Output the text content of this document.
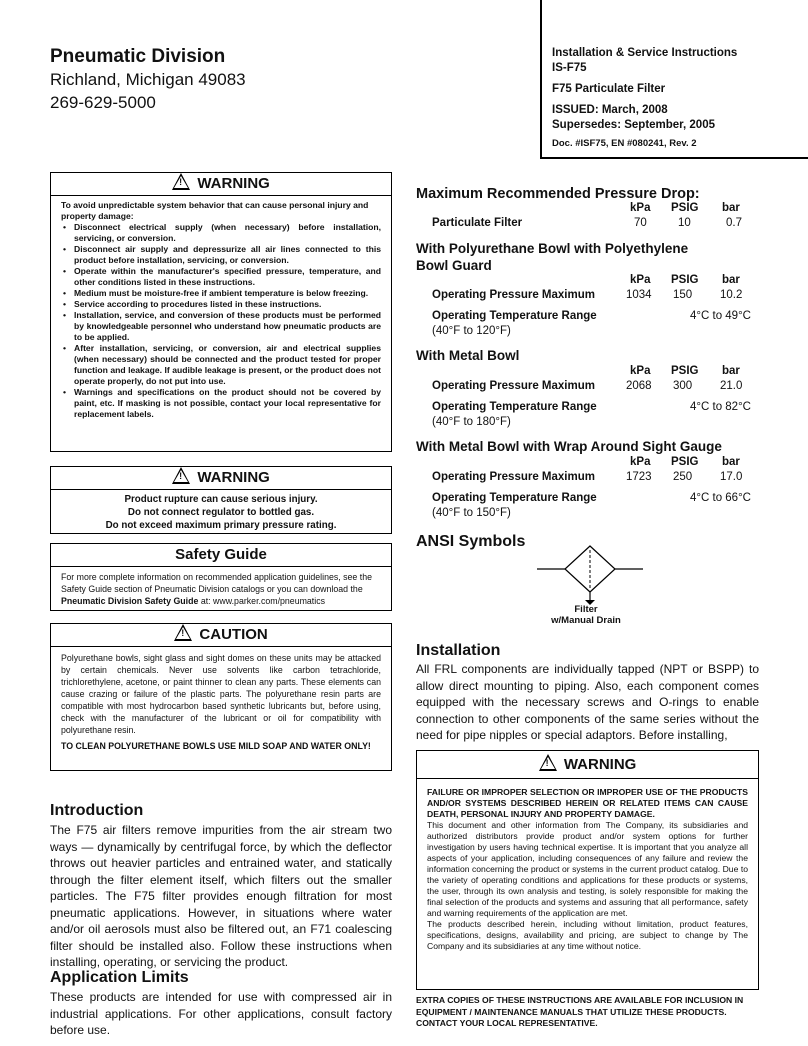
Pneumatic Division
Richland, Michigan 49083
269-629-5000
Installation & Service Instructions
IS-F75
F75 Particulate Filter
ISSUED: March, 2008
Supersedes: September, 2005
Doc. #ISF75, EN #080241, Rev. 2
! WARNING
To avoid unpredictable system behavior that can cause personal injury and property damage:
• Disconnect electrical supply (when necessary) before installation, servicing, or conversion.
• Disconnect air supply and depressurize all air lines connected to this product before installation, servicing, or conversion.
• Operate within the manufacturer's specified pressure, temperature, and other conditions listed in these instructions.
• Medium must be moisture-free if ambient temperature is below freezing.
• Service according to procedures listed in these instructions.
• Installation, service, and conversion of these products must be performed by knowledgeable personnel who understand how pneumatic products are to be applied.
• After installation, servicing, or conversion, air and electrical supplies (when necessary) should be connected and the product tested for proper function and leakage. If audible leakage is present, or the product does not operate properly, do not put into use.
• Warnings and specifications on the product should not be covered by paint, etc. If masking is not possible, contact your local representative for replacement labels.
! WARNING
Product rupture can cause serious injury.
Do not connect regulator to bottled gas.
Do not exceed maximum primary pressure rating.
Safety Guide
For more complete information on recommended application guidelines, see the Safety Guide section of Pneumatic Division catalogs or you can download the Pneumatic Division Safety Guide at: www.parker.com/pneumatics
! CAUTION
Polyurethane bowls, sight glass and sight domes on these units may be attacked by certain chemicals. Never use solvents like carbon tetrachloride, trichlorethylene, acetone, or paint thinner to clean any parts. These elements can cause crazing or failure of the plastic parts. The polyurethane resin parts are compatible with most hydrocarbon based synthetic lubricants but, before using, check with the manufacturer of the lubricant or oil for compatibility with polyurethane resin.
TO CLEAN POLYURETHANE BOWLS USE MILD SOAP AND WATER ONLY!
Introduction
The F75 air filters remove impurities from the air stream two ways — dynamically by centrifugal force, by which the deflector throws out heavier particles and entrained water, and statically through the filter element itself, which filters out the smaller particles. The F75 filter provides enough filtration for most pneumatic applications. However, in situations where water and/or oil aerosols must also be filtered out, an F71 coalescing filter should be installed also. Follow these instructions when installing, operating, or servicing the product.
Application Limits
These products are intended for use with compressed air in industrial applications. For other applications, consult factory before use.
Maximum Recommended Pressure Drop:
kPa PSIG bar
Particulate Filter	70	10	0.7
With Polyurethane Bowl with Polyethylene
Bowl Guard
kPa PSIG bar
Operating Pressure Maximum	1034 150 10.2
Operating Temperature Range	4°C to 49°C
(40°F to 120°F)
With Metal Bowl
kPa PSIG bar
Operating Pressure Maximum	2068 300 21.0
Operating Temperature Range	4°C to 82°C
(40°F to 180°F)
With Metal Bowl with Wrap Around Sight Gauge
kPa PSIG bar
Operating Pressure Maximum	1723 250 17.0
Operating Temperature Range	4°C to 66°C
(40°F to 150°F)
ANSI Symbols
Filter
w/Manual Drain
Installation
All FRL components are individually tapped (NPT or BSPP) to allow direct mounting to piping. Also, each component comes equipped with the necessary screws and O-rings to enable connection to other components of the same series without the need for pipe nipples or special adaptors. Before installing,
! WARNING
FAILURE OR IMPROPER SELECTION OR IMPROPER USE OF THE PRODUCTS AND/OR SYSTEMS DESCRIBED HEREIN OR RELATED ITEMS CAN CAUSE DEATH, PERSONAL INJURY AND PROPERTY DAMAGE.
This document and other information from The Company, its subsidiaries and authorized distributors provide product and/or system options for further investigation by users having technical expertise. It is important that you analyze all aspects of your application, including consequences of any failure and review the information concerning the product or systems in the current product catalog. Due to the variety of operating conditions and applications for these products or systems, the user, through its own analysis and testing, is solely responsible for making the final selection of the products and systems and assuring that all performance, safety and warning requirements of the application are met.
The products described herein, including without limitation, product features, specifications, designs, availability and pricing, are subject to change by The Company and its subsidiaries at any time without notice.
EXTRA COPIES OF THESE INSTRUCTIONS ARE AVAILABLE FOR INCLUSION IN EQUIPMENT / MAINTENANCE MANUALS THAT UTILIZE THESE PRODUCTS. CONTACT YOUR LOCAL REPRESENTATIVE.
